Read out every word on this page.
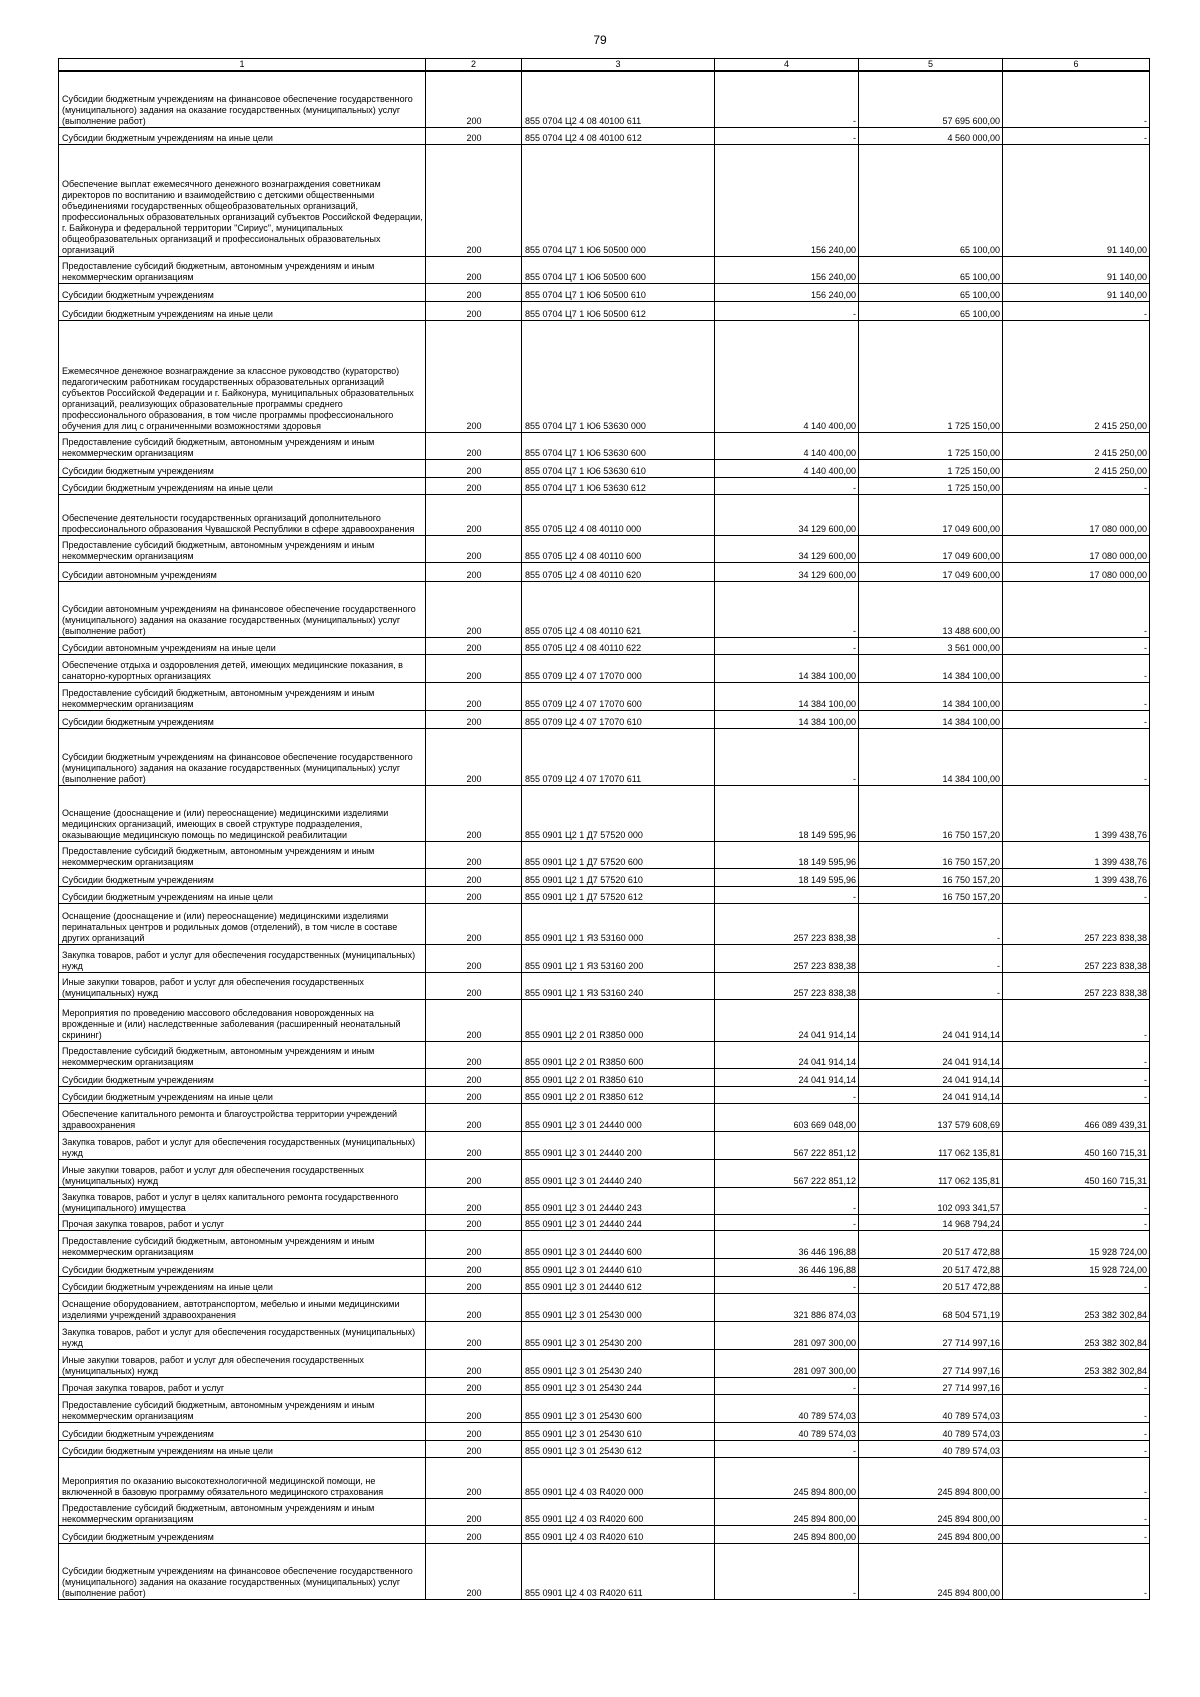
79
1	2	3	4	5	6
Субсидии бюджетным учреждениям на финансовое обеспечение государственного (муниципального) задания на оказание государственных (муниципальных) услуг (выполнение работ)	200	855 0704 Ц2 4 08 40100 611	-	57 695 600,00	-
Субсидии бюджетным учреждениям на иные цели	200	855 0704 Ц2 4 08 40100 612	-	4 560 000,00	-
Обеспечение выплат ежемесячного денежного вознаграждения советникам директоров по воспитанию и взаимодействию с детскими общественными объединениями государственных общеобразовательных организаций, профессиональных образовательных организаций субъектов Российской Федерации, г. Байконура и федеральной территории "Сириус", муниципальных общеобразовательных организаций и профессиональных образовательных организаций	200	855 0704 Ц7 1 Ю6 50500 000	156 240,00	65 100,00	91 140,00
Предоставление субсидий бюджетным, автономным учреждениям и иным некоммерческим организациям	200	855 0704 Ц7 1 Ю6 50500 600	156 240,00	65 100,00	91 140,00
Субсидии бюджетным учреждениям	200	855 0704 Ц7 1 Ю6 50500 610	156 240,00	65 100,00	91 140,00
Субсидии бюджетным учреждениям на иные цели	200	855 0704 Ц7 1 Ю6 50500 612	-	65 100,00	-
Ежемесячное денежное вознаграждение за классное руководство (кураторство) педагогическим работникам государственных образовательных организаций субъектов Российской Федерации и г. Байконура, муниципальных образовательных организаций, реализующих образовательные программы среднего профессионального образования, в том числе программы профессионального обучения для лиц с ограниченными возможностями здоровья	200	855 0704 Ц7 1 Ю6 53630 000	4 140 400,00	1 725 150,00	2 415 250,00
Предоставление субсидий бюджетным, автономным учреждениям и иным некоммерческим организациям	200	855 0704 Ц7 1 Ю6 53630 600	4 140 400,00	1 725 150,00	2 415 250,00
Субсидии бюджетным учреждениям	200	855 0704 Ц7 1 Ю6 53630 610	4 140 400,00	1 725 150,00	2 415 250,00
Субсидии бюджетным учреждениям на иные цели	200	855 0704 Ц7 1 Ю6 53630 612	-	1 725 150,00	-
Обеспечение деятельности государственных организаций дополнительного профессионального образования Чувашской Республики в сфере здравоохранения	200	855 0705 Ц2 4 08 40110 000	34 129 600,00	17 049 600,00	17 080 000,00
Предоставление субсидий бюджетным, автономным учреждениям и иным некоммерческим организациям	200	855 0705 Ц2 4 08 40110 600	34 129 600,00	17 049 600,00	17 080 000,00
Субсидии автономным учреждениям	200	855 0705 Ц2 4 08 40110 620	34 129 600,00	17 049 600,00	17 080 000,00
Субсидии автономным учреждениям на финансовое обеспечение государственного (муниципального) задания на оказание государственных (муниципальных) услуг (выполнение работ)	200	855 0705 Ц2 4 08 40110 621	-	13 488 600,00	-
Субсидии автономным учреждениям на иные цели	200	855 0705 Ц2 4 08 40110 622	-	3 561 000,00	-
Обеспечение отдыха и оздоровления детей, имеющих медицинские показания, в санаторно-курортных организациях	200	855 0709 Ц2 4 07 17070 000	14 384 100,00	14 384 100,00	-
Предоставление субсидий бюджетным, автономным учреждениям и иным некоммерческим организациям	200	855 0709 Ц2 4 07 17070 600	14 384 100,00	14 384 100,00	-
Субсидии бюджетным учреждениям	200	855 0709 Ц2 4 07 17070 610	14 384 100,00	14 384 100,00	-
Субсидии бюджетным учреждениям на финансовое обеспечение государственного (муниципального) задания на оказание государственных (муниципальных) услуг (выполнение работ)	200	855 0709 Ц2 4 07 17070 611	-	14 384 100,00	-
Оснащение (дооснащение и (или) переоснащение) медицинскими изделиями медицинских организаций, имеющих в своей структуре подразделения, оказывающие медицинскую помощь по медицинской реабилитации	200	855 0901 Ц2 1 Д7 57520 000	18 149 595,96	16 750 157,20	1 399 438,76
Предоставление субсидий бюджетным, автономным учреждениям и иным некоммерческим организациям	200	855 0901 Ц2 1 Д7 57520 600	18 149 595,96	16 750 157,20	1 399 438,76
Субсидии бюджетным учреждениям	200	855 0901 Ц2 1 Д7 57520 610	18 149 595,96	16 750 157,20	1 399 438,76
Субсидии бюджетным учреждениям на иные цели	200	855 0901 Ц2 1 Д7 57520 612	-	16 750 157,20	-
Оснащение (дооснащение и (или) переоснащение) медицинскими изделиями перинатальных центров и родильных домов (отделений), в том числе в составе других организаций	200	855 0901 Ц2 1 Я3 53160 000	257 223 838,38	-	257 223 838,38
Закупка товаров, работ и услуг для обеспечения государственных (муниципальных) нужд	200	855 0901 Ц2 1 Я3 53160 200	257 223 838,38	-	257 223 838,38
Иные закупки товаров, работ и услуг для обеспечения государственных (муниципальных) нужд	200	855 0901 Ц2 1 Я3 53160 240	257 223 838,38	-	257 223 838,38
Мероприятия по проведению массового обследования новорожденных на врожденные и (или) наследственные заболевания (расширенный неонатальный скрининг)	200	855 0901 Ц2 2 01 R3850 000	24 041 914,14	24 041 914,14	-
Предоставление субсидий бюджетным, автономным учреждениям и иным некоммерческим организациям	200	855 0901 Ц2 2 01 R3850 600	24 041 914,14	24 041 914,14	-
Субсидии бюджетным учреждениям	200	855 0901 Ц2 2 01 R3850 610	24 041 914,14	24 041 914,14	-
Субсидии бюджетным учреждениям на иные цели	200	855 0901 Ц2 2 01 R3850 612	-	24 041 914,14	-
Обеспечение капитального ремонта и благоустройства территории учреждений здравоохранения	200	855 0901 Ц2 3 01 24440 000	603 669 048,00	137 579 608,69	466 089 439,31
Закупка товаров, работ и услуг для обеспечения государственных (муниципальных) нужд	200	855 0901 Ц2 3 01 24440 200	567 222 851,12	117 062 135,81	450 160 715,31
Иные закупки товаров, работ и услуг для обеспечения государственных (муниципальных) нужд	200	855 0901 Ц2 3 01 24440 240	567 222 851,12	117 062 135,81	450 160 715,31
Закупка товаров, работ и услуг в целях капитального ремонта государственного (муниципального) имущества	200	855 0901 Ц2 3 01 24440 243	-	102 093 341,57	-
Прочая закупка товаров, работ и услуг	200	855 0901 Ц2 3 01 24440 244	-	14 968 794,24	-
Предоставление субсидий бюджетным, автономным учреждениям и иным некоммерческим организациям	200	855 0901 Ц2 3 01 24440 600	36 446 196,88	20 517 472,88	15 928 724,00
Субсидии бюджетным учреждениям	200	855 0901 Ц2 3 01 24440 610	36 446 196,88	20 517 472,88	15 928 724,00
Субсидии бюджетным учреждениям на иные цели	200	855 0901 Ц2 3 01 24440 612	-	20 517 472,88	-
Оснащение оборудованием, автотранспортом, мебелью и иными медицинскими изделиями учреждений здравоохранения	200	855 0901 Ц2 3 01 25430 000	321 886 874,03	68 504 571,19	253 382 302,84
Закупка товаров, работ и услуг для обеспечения государственных (муниципальных) нужд	200	855 0901 Ц2 3 01 25430 200	281 097 300,00	27 714 997,16	253 382 302,84
Иные закупки товаров, работ и услуг для обеспечения государственных (муниципальных) нужд	200	855 0901 Ц2 3 01 25430 240	281 097 300,00	27 714 997,16	253 382 302,84
Прочая закупка товаров, работ и услуг	200	855 0901 Ц2 3 01 25430 244	-	27 714 997,16	-
Предоставление субсидий бюджетным, автономным учреждениям и иным некоммерческим организациям	200	855 0901 Ц2 3 01 25430 600	40 789 574,03	40 789 574,03	-
Субсидии бюджетным учреждениям	200	855 0901 Ц2 3 01 25430 610	40 789 574,03	40 789 574,03	-
Субсидии бюджетным учреждениям на иные цели	200	855 0901 Ц2 3 01 25430 612	-	40 789 574,03	-
Мероприятия по оказанию высокотехнологичной медицинской помощи, не включенной в базовую программу обязательного медицинского страхования	200	855 0901 Ц2 4 03 R4020 000	245 894 800,00	245 894 800,00	-
Предоставление субсидий бюджетным, автономным учреждениям и иным некоммерческим организациям	200	855 0901 Ц2 4 03 R4020 600	245 894 800,00	245 894 800,00	-
Субсидии бюджетным учреждениям	200	855 0901 Ц2 4 03 R4020 610	245 894 800,00	245 894 800,00	-
Субсидии бюджетным учреждениям на финансовое обеспечение государственного (муниципального) задания на оказание государственных (муниципальных) услуг (выполнение работ)	200	855 0901 Ц2 4 03 R4020 611	-	245 894 800,00	-
